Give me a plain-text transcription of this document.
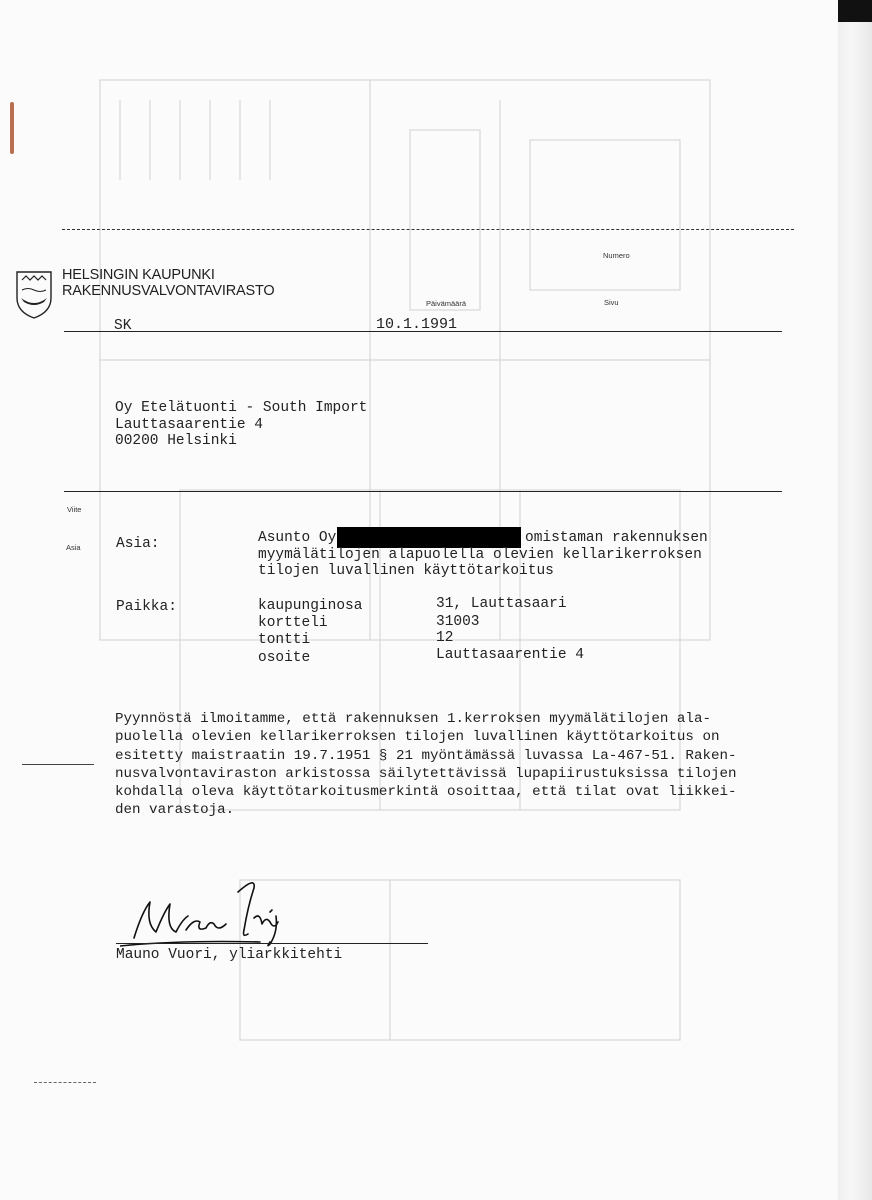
HELSINGIN KAUPUNKI
RAKENNUSVALVONTAVIRASTO
Numero
Päivämäärä	Sivu
SK	10.1.1991
Oy Etelätuonti - South Import
Lauttasaarentie 4
00200 Helsinki
Viite
Asia Asia:	Asunto Oy	omistaman rakennuksen
myymälätilojen alapuolella olevien kellarikerroksen
tilojen luvallinen käyttötarkoitus
Paikka:	kaupunginosa	31, Lauttasaari
kortteli	31003
tontti	12
osoite	Lauttasaarentie 4
Pyynnöstä ilmoitamme, että rakennuksen 1.kerroksen myymälätilojen ala-
puolella olevien kellarikerroksen tilojen luvallinen käyttötarkoitus on
esitetty maistraatin 19.7.1951 § 21 myöntämässä luvassa La-467-51. Raken-
nusvalvontaviraston arkistossa säilytettävissä lupapiirustuksissa tilojen
kohdalla oleva käyttötarkoitusmerkintä osoittaa, että tilat ovat liikkei-
den varastoja.
Mauno Vuori, yliarkkitehti
